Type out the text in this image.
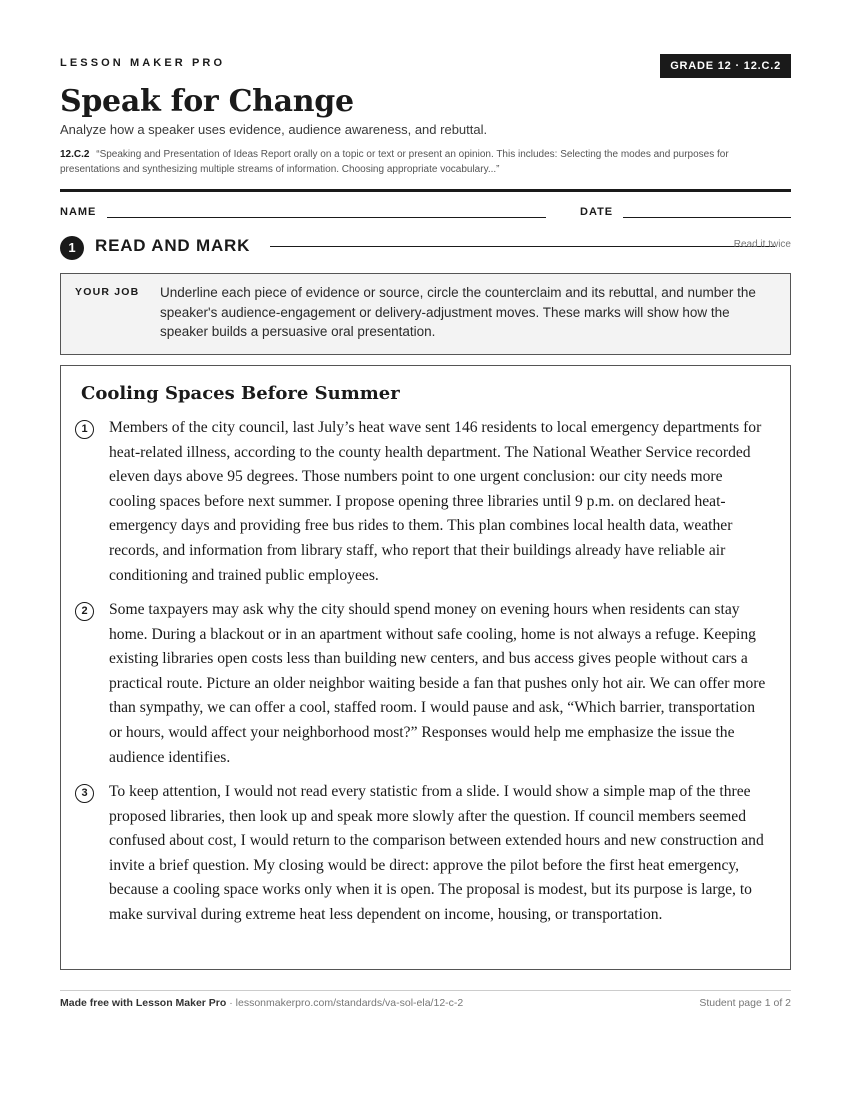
LESSON MAKER PRO	GRADE 12 · 12.C.2
Speak for Change
Analyze how a speaker uses evidence, audience awareness, and rebuttal.
12.C.2 “Speaking and Presentation of Ideas Report orally on a topic or text or present an opinion. This includes: Selecting the modes and purposes for presentations and synthesizing multiple streams of information. Choosing appropriate vocabulary...”
NAME	DATE
1	READ AND MARK	Read it twice
YOUR JOB Underline each piece of evidence or source, circle the counterclaim and its rebuttal, and number the speaker's audience-engagement or delivery-adjustment moves. These marks will show how the speaker builds a persuasive oral presentation.
Cooling Spaces Before Summer
1	Members of the city council, last July’s heat wave sent 146 residents to local emergency departments for heat-related illness, according to the county health department. The National Weather Service recorded eleven days above 95 degrees. Those numbers point to one urgent conclusion: our city needs more cooling spaces before next summer. I propose opening three libraries until 9 p.m. on declared heat-emergency days and providing free bus rides to them. This plan combines local health data, weather records, and information from library staff, who report that their buildings already have reliable air conditioning and trained public employees.

2	Some taxpayers may ask why the city should spend money on evening hours when residents can stay home. During a blackout or in an apartment without safe cooling, home is not always a refuge. Keeping existing libraries open costs less than building new centers, and bus access gives people without cars a practical route. Picture an older neighbor waiting beside a fan that pushes only hot air. We can offer more than sympathy, we can offer a cool, staffed room. I would pause and ask, “Which barrier, transportation or hours, would affect your neighborhood most?” Responses would help me emphasize the issue the audience identifies.

3	To keep attention, I would not read every statistic from a slide. I would show a simple map of the three proposed libraries, then look up and speak more slowly after the question. If council members seemed confused about cost, I would return to the comparison between extended hours and new construction and invite a brief question. My closing would be direct: approve the pilot before the first heat emergency, because a cooling space works only when it is open. The proposal is modest, but its purpose is large, to make survival during extreme heat less dependent on income, housing, or transportation.

Made free with Lesson Maker Pro · lessonmakerpro.com/standards/va-sol-ela/12-c-2	Student page 1 of 2
